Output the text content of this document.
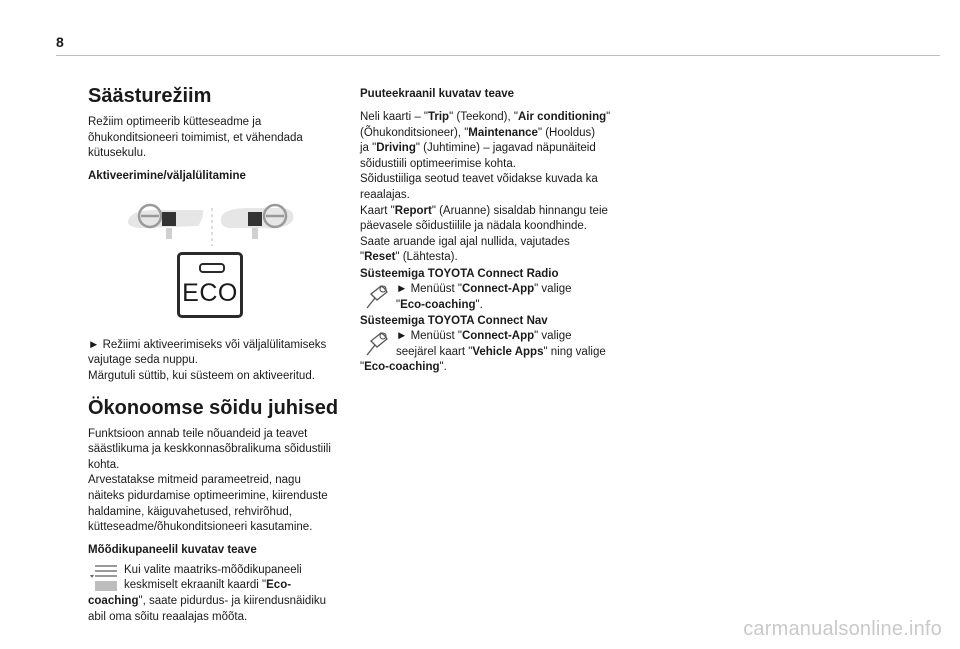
8
Säästurežiim

Režiim optimeerib kütteseadme ja

õhukonditsioneeri toimimist, et vähendada

kütusekulu.

Aktiveerimine/väljalülitamine
ECO

► Režiimi aktiveerimiseks või väljalülitamiseks

vajutage seda nuppu.

Märgutuli süttib, kui süsteem on aktiveeritud.

Ökonoomse sõidu juhised

Funktsioon annab teile nõuandeid ja teavet

säästlikuma ja keskkonnasõbralikuma sõidustiili

kohta.

Arvestatakse mitmeid parameetreid, nagu

näiteks pidurdamise optimeerimine, kiirenduste

haldamine, käiguvahetused, rehvirõhud,

kütteseadme/õhukonditsioneeri kasutamine.

Mõõdikupaneelil kuvatav teave
Kui valite maatriks-mõõdikupaneeli
keskmiselt ekraanilt kaardi "Eco-

coaching", saate pidurdus- ja kiirendusnäidiku

abil oma sõitu reaalajas mõõta.

Puuteekraanil kuvatav teave

Neli kaarti – "Trip" (Teekond), "Air conditioning"

(Õhukonditsioneer), "Maintenance" (Hooldus)

ja "Driving" (Juhtimine) – jagavad näpunäiteid

sõidustiili optimeerimise kohta.

Sõidustiiliga seotud teavet võidakse kuvada ka

reaalajas.

Kaart "Report" (Aruanne) sisaldab hinnangu teie

päevasele sõidustiilile ja nädala koondhinde.

Saate aruande igal ajal nullida, vajutades

"Reset" (Lähtesta).

Süsteemiga TOYOTA Connect Radio
► Menüüst "Connect-App" valige
"Eco-coaching".
Süsteemiga TOYOTA Connect Nav
► Menüüst "Connect-App" valige
seejärel kaart "Vehicle Apps" ning valige

"Eco-coaching".

carmanualsonline.info
